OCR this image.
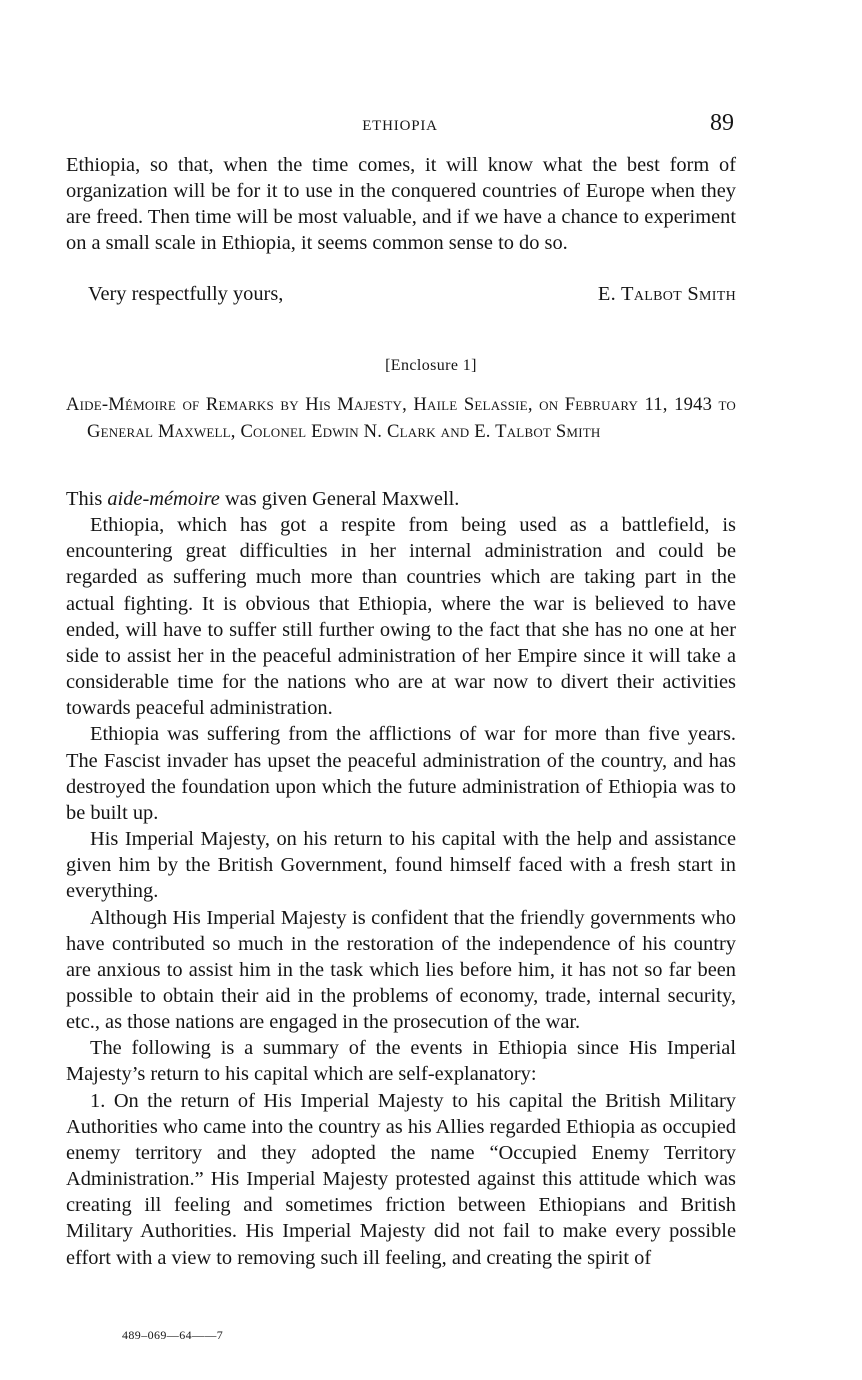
ETHIOPIA	89

Ethiopia, so that, when the time comes, it will know what the best form of organization will be for it to use in the conquered countries of Europe when they are freed. Then time will be most valuable, and if we have a chance to experiment on a small scale in Ethiopia, it seems common sense to do so.

Very respectfully yours,	E. Talbot Smith
[Enclosure 1]
Aide-Mémoire of Remarks by His Majesty, Haile Selassie, on February 11, 1943 to General Maxwell, Colonel Edwin N. Clark and E. Talbot Smith

This aide-mémoire was given General Maxwell.

Ethiopia, which has got a respite from being used as a battlefield, is encountering great difficulties in her internal administration and could be regarded as suffering much more than countries which are taking part in the actual fighting. It is obvious that Ethiopia, where the war is believed to have ended, will have to suffer still further owing to the fact that she has no one at her side to assist her in the peaceful administration of her Empire since it will take a considerable time for the nations who are at war now to divert their activities towards peaceful administration.

Ethiopia was suffering from the afflictions of war for more than five years. The Fascist invader has upset the peaceful administration of the country, and has destroyed the foundation upon which the future administration of Ethiopia was to be built up.

His Imperial Majesty, on his return to his capital with the help and assistance given him by the British Government, found himself faced with a fresh start in everything.

Although His Imperial Majesty is confident that the friendly governments who have contributed so much in the restoration of the independence of his country are anxious to assist him in the task which lies before him, it has not so far been possible to obtain their aid in the problems of economy, trade, internal security, etc., as those nations are engaged in the prosecution of the war.

The following is a summary of the events in Ethiopia since His Imperial Majesty’s return to his capital which are self-explanatory:

1. On the return of His Imperial Majesty to his capital the British Military Authorities who came into the country as his Allies regarded Ethiopia as occupied enemy territory and they adopted the name “Occupied Enemy Territory Administration.” His Imperial Majesty protested against this attitude which was creating ill feeling and sometimes friction between Ethiopians and British Military Authorities. His Imperial Majesty did not fail to make every possible effort with a view to removing such ill feeling, and creating the spirit of

489–069—64——7
